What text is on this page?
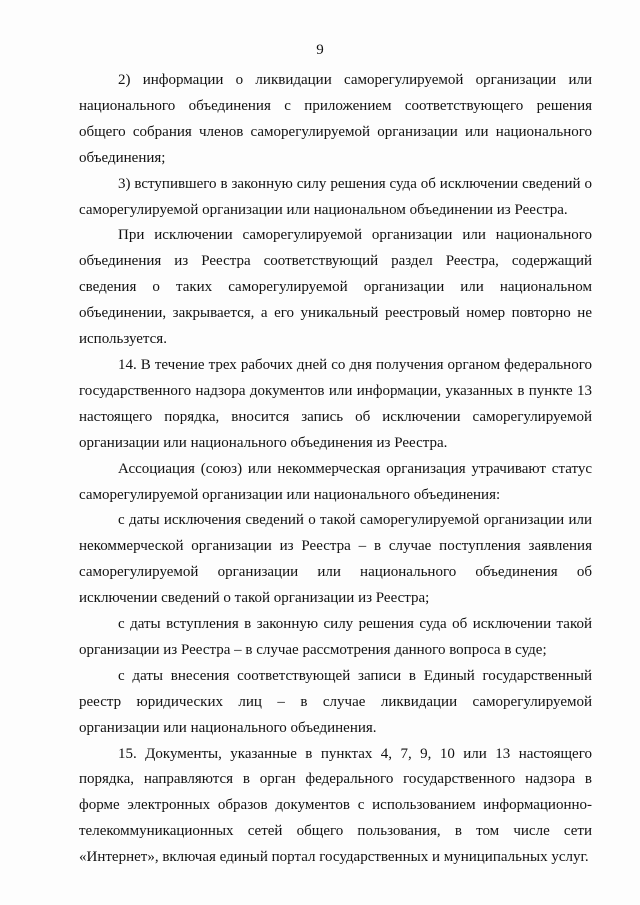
9

2) информации о ликвидации саморегулируемой организации или национального объединения с приложением соответствующего решения общего собрания членов саморегулируемой организации или национального объединения;

3) вступившего в законную силу решения суда об исключении сведений о саморегулируемой организации или национальном объединении из Реестра.

При исключении саморегулируемой организации или национального объединения из Реестра соответствующий раздел Реестра, содержащий сведения о таких саморегулируемой организации или национальном объединении, закрывается, а его уникальный реестровый номер повторно не используется.

14. В течение трех рабочих дней со дня получения органом федерального государственного надзора документов или информации, указанных в пункте 13 настоящего порядка, вносится запись об исключении саморегулируемой организации или национального объединения из Реестра.

Ассоциация (союз) или некоммерческая организация утрачивают статус саморегулируемой организации или национального объединения:

с даты исключения сведений о такой саморегулируемой организации или некоммерческой организации из Реестра – в случае поступления заявления саморегулируемой организации или национального объединения об исключении сведений о такой организации из Реестра;

с даты вступления в законную силу решения суда об исключении такой организации из Реестра – в случае рассмотрения данного вопроса в суде;

с даты внесения соответствующей записи в Единый государственный реестр юридических лиц – в случае ликвидации саморегулируемой организации или национального объединения.

15. Документы, указанные в пунктах 4, 7, 9, 10 или 13 настоящего порядка, направляются в орган федерального государственного надзора в форме электронных образов документов с использованием информационно-телекоммуникационных сетей общего пользования, в том числе сети «Интернет», включая единый портал государственных и муниципальных услуг.
